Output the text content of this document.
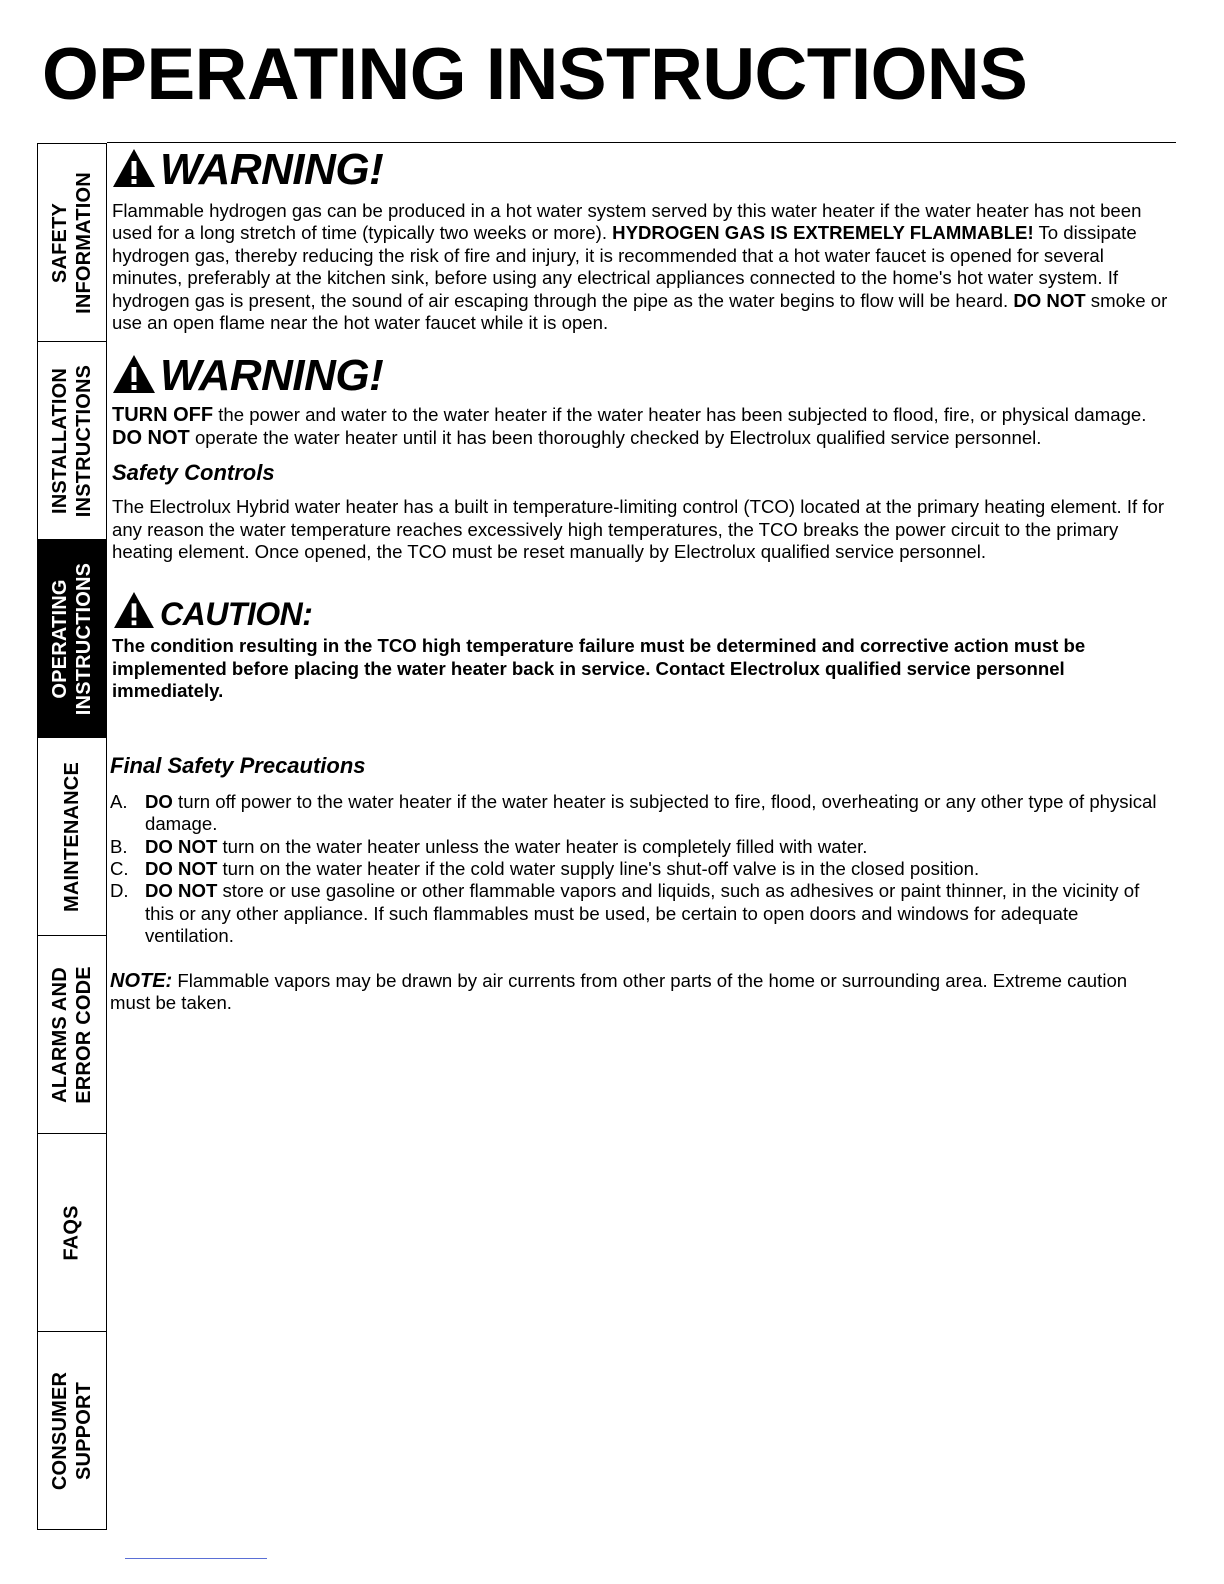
OPERATING INSTRUCTIONS
SAFETY INFORMATION
INSTALLATION INSTRUCTIONS
OPERATING INSTRUCTIONS
MAINTENANCE
ALARMS AND ERROR CODE
FAQS
CONSUMER SUPPORT
WARNING!

Flammable hydrogen gas can be produced in a hot water system served by this water heater if the water heater has not been used for a long stretch of time (typically two weeks or more). HYDROGEN GAS IS EXTREMELY FLAMMABLE! To dissipate hydrogen gas, thereby reducing the risk of fire and injury, it is recommended that a hot water faucet is opened for several minutes, preferably at the kitchen sink, before using any electrical appliances connected to the home's hot water system. If hydrogen gas is present, the sound of air escaping through the pipe as the water begins to flow will be heard. DO NOT smoke or use an open flame near the hot water faucet while it is open.

WARNING!

TURN OFF the power and water to the water heater if the water heater has been subjected to flood, fire, or physical damage.

DO NOT operate the water heater until it has been thoroughly checked by Electrolux qualified service personnel.

Safety Controls

The Electrolux Hybrid water heater has a built in temperature-limiting control (TCO) located at the primary heating element. If for any reason the water temperature reaches excessively high temperatures, the TCO breaks the power circuit to the primary heating element. Once opened, the TCO must be reset manually by Electrolux qualified service personnel.

CAUTION:

The condition resulting in the TCO high temperature failure must be determined and corrective action must be implemented before placing the water heater back in service. Contact Electrolux qualified service personnel immediately.

Final Safety Precautions
A. DO turn off power to the water heater if the water heater is subjected to fire, flood, overheating or any other type of physical damage.
B. DO NOT turn on the water heater unless the water heater is completely filled with water.
C. DO NOT turn on the water heater if the cold water supply line's shut-off valve is in the closed position.
D. DO NOT store or use gasoline or other flammable vapors and liquids, such as adhesives or paint thinner, in the vicinity of this or any other appliance. If such flammables must be used, be certain to open doors and windows for adequate ventilation.

NOTE: Flammable vapors may be drawn by air currents from other parts of the home or surrounding area. Extreme caution must be taken.
